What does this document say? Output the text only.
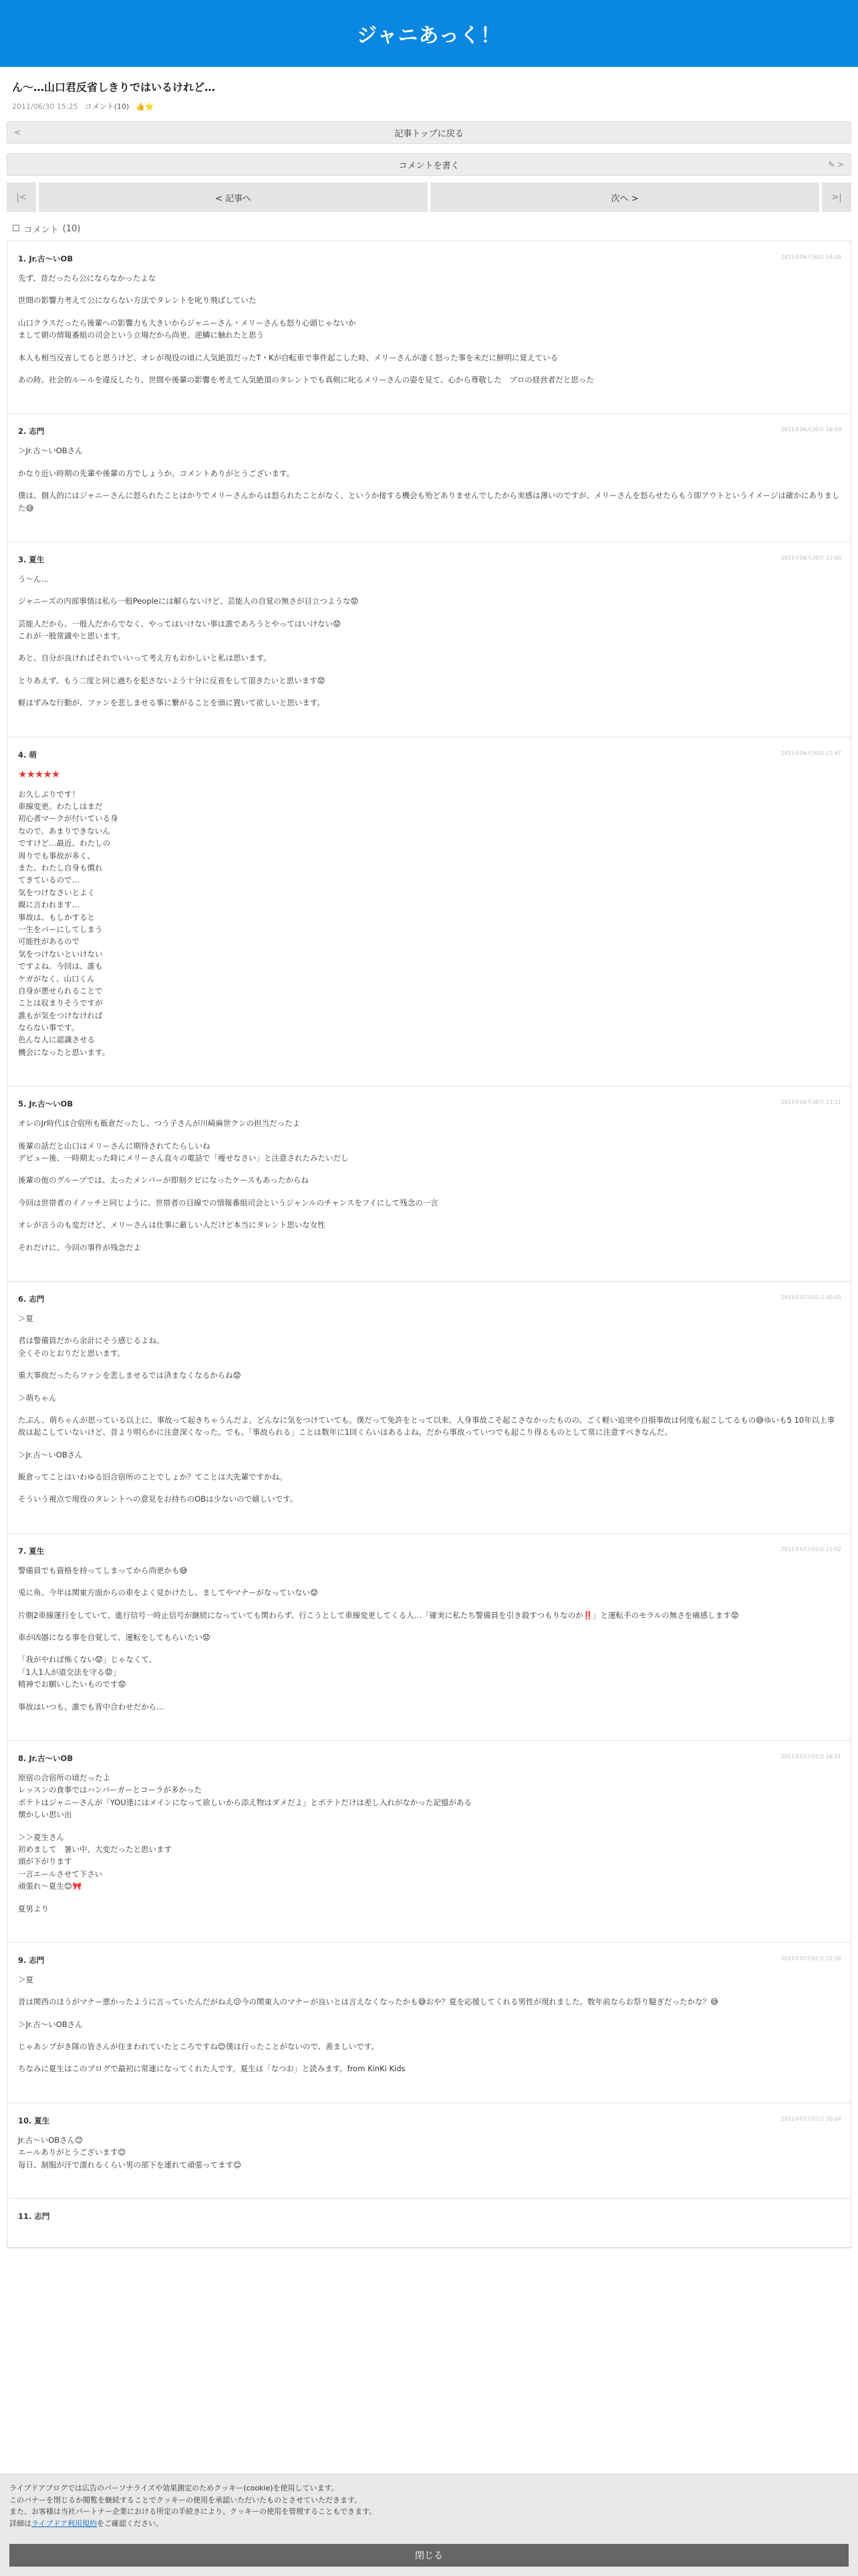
ジャニあっく！
ん〜…山口君反省しきりではいるけれど…
2011/06/30 15:25 コメント(10) 👍⭐
<	記事トップに戻る
コメントを書く	✎ >
|<	< 記事へ	次へ >	>|
☐ コメント (10)
1. Jr.古〜いOB	2011年06月30日 16:00

先ず、昔だったら公にならなかったよな

世間の影響力考えて公にならない方法でタレントを叱り飛ばしていた

山口クラスだったら後輩への影響力も大きいからジャニーさん・メリーさんも怒り心頭じゃないか
まして朝の情報番組の司会という立場だから尚更、逆鱗に触れたと思う

本人も相当反省してると思うけど、オレが現役の頃に人気絶頂だったT・Kが自転車で事件起こした時、メリーさんが凄く怒った事を未だに鮮明に覚えている

あの時、社会的ルールを違反したり、世間や後輩の影響を考えて人気絶頂のタレントでも真剣に叱るメリーさんの姿を見て、心から尊敬した　プロの経営者だと思った

2. 志門	2011年06月30日 16:59

＞Jr.古〜いOBさん

かなり近い時期の先輩や後輩の方でしょうか。コメントありがとうございます。

僕は、個人的にはジャニーさんに怒られたことはかりでメリーさんからは怒られたことがなく、というか接する機会も殆どありませんでしたから実感は薄いのですが、メリーさんを怒らせたらもう即アウトというイメージは確かにありました😅

3. 夏生	2011年06月30日 22:00

う〜ん…

ジャニーズの内部事情は私ら一般Peopleには解らないけど、芸能人の自覚の無さが目立つような😟

芸能人だから、一般人だからでなく、やってはいけない事は誰であろうとやってはいけない😟
これが一般常識やと思います。

あと、自分が良ければそれでいいって考え方もおかしいと私は思います。

とりあえず、もう二度と同じ過ちを犯さないよう十分に反省をして頂きたいと思います😟

軽はずみな行動が、ファンを悲しませる事に繋がることを頭に置いて欲しいと思います。

4. 萌	2011年06月30日 22:47
★★★★★

お久しぶりです！
車線変更。わたしはまだ
初心者マークが付いている身
なので、あまりできないん
ですけど…最近、わたしの
周りでも事故が多く、
また、わたし自身も慣れ
てきているので…
気をつけなさいとよく
親に言われます…
事故は、もしかすると
一生をパーにしてしまう
可能性があるので
気をつけないといけない
ですよね。今回は、誰も
ケガがなく、山口くん
自身が悪せられることで
ことは収まりそうですが
誰もが気をつけなければ
ならない事です。
色んな人に認識させる
機会になったと思います。

5. Jr.古〜いOB	2011年06月30日 23:11

オレのJr時代は合宿所も飯倉だったし、つう子さんが川崎麻世クンの担当だったよ

後輩の話だと山口はメリーさんに期待されてたらしいね
デビュー後、一時期太った時にメリーさん直々の電話で「痩せなさい」と注意されたみたいだし

後輩の他のグループでは、太ったメンバーが即刻クビになったケースもあったからね

今回は世帯者のイノッチと同じように、世帯者の目線での情報番組司会というジャンルのチャンスをフイにして残念の一言

オレが言うのも変だけど、メリーさんは仕事に厳しい人だけど本当にタレント思いな女性

それだけに、今回の事件が残念だよ

6. 志門	2011年07月01日 00:00

＞夏

君は警備員だから余計にそう感じるよね。
全くそのとおりだと思います。

重大事故だったらファンを悲しませるでは済まなくなるからね😟

＞萌ちゃん

たぶん、萌ちゃんが思っている以上に、事故って起きちゃうんだよ。どんなに気をつけていても。僕だって免許をとって以来、人身事故こそ起こさなかったものの、ごく軽い追突や自損事故は何度も起こしてるもの😅ゆいも5 10年以上事故は起こしていないけど、昔より明らかに注意深くなった。でも、「事故られる」ことは数年に1回くらいはあるよね。だから事故っていつでも起こり得るものとして常に注意すべきなんだ。

＞Jr.古〜いOBさん

飯倉ってことはいわゆる旧合宿所のことでしょか？てことは大先輩ですかね。

そういう視点で現役のタレントへの意見をお持ちのOBは少ないので嬉しいです。

7. 夏生	2011年07月01日 11:02

警備員でも資格を持ってしまってから尚更かも😅

兎に角、今年は関東方面からの車をよく見かけたし、ましてやマナーがなっていない😟

片側2車線運行をしていて、進行信号一時止信号が継続になっていても関わらず、行こうとして車線変更してくる人…「確実に私たち警備員を引き殺すつもりなのか‼️」と運転手のモラルの無さを痛感します😟

車が凶器になる事を自覚して、運転をしてもらいたい😟

「我がやれば怖くない😟」じゃなくて、
「1人1人が道交法を守る😟」
精神でお願いしたいものです😟

事故はいつも、誰でも背中合わせだから…

8. Jr.古〜いOB	2011年07月01日 16:21

原宿の合宿所の頃だったよ
レッスンの食事ではハンバーガーとコーラが多かった
ポテトはジャニーさんが「YOU達にはメインになって欲しいから添え物はダメだよ」とポテトだけは差し入れがなかった記憶がある
懐かしい思い出

＞＞夏生さん
初めまして　暑い中、大変だったと思います
頭が下がります
一言エールさせて下さい
頑張れ〜夏生😊🎀

夏男より

9. 志門	2011年07月01日 21:56

＞夏

昔は関西のほうがマナー悪かったように言っていたんだがねえ😕今の関東人のマナーが良いとは言えなくなったかも😅おや？夏を応援してくれる男性が現れました。数年前ならお祭り騒ぎだったかな？😅

＞Jr.古〜いOBさん

じゃあシブがき隊の皆さんが住まわれていたところですね😊僕は行ったことがないので、羨ましいです。

ちなみに夏生はこのブログで最初に常連になってくれた人です。夏生は「なつお」と読みます。from KinKi Kids

10. 夏生	2011年07月02日 20:04

Jr.古〜いOBさん😊
エールありがとうございます😊
毎日、制服が汗で濡れるくらい男の部下を連れて頑張ってます😊

11. 志門
ライブドアブログでは広告のパーソナライズや効果測定のためクッキー(cookie)を使用しています。
このバナーを閉じるか閲覧を継続することでクッキーの使用を承認いただいたものとさせていただきます。
また、お客様は当社パートナー企業における所定の手続きにより、クッキーの使用を管理することもできます。
詳細はライブドア利用規約をご確認ください。
閉じる
